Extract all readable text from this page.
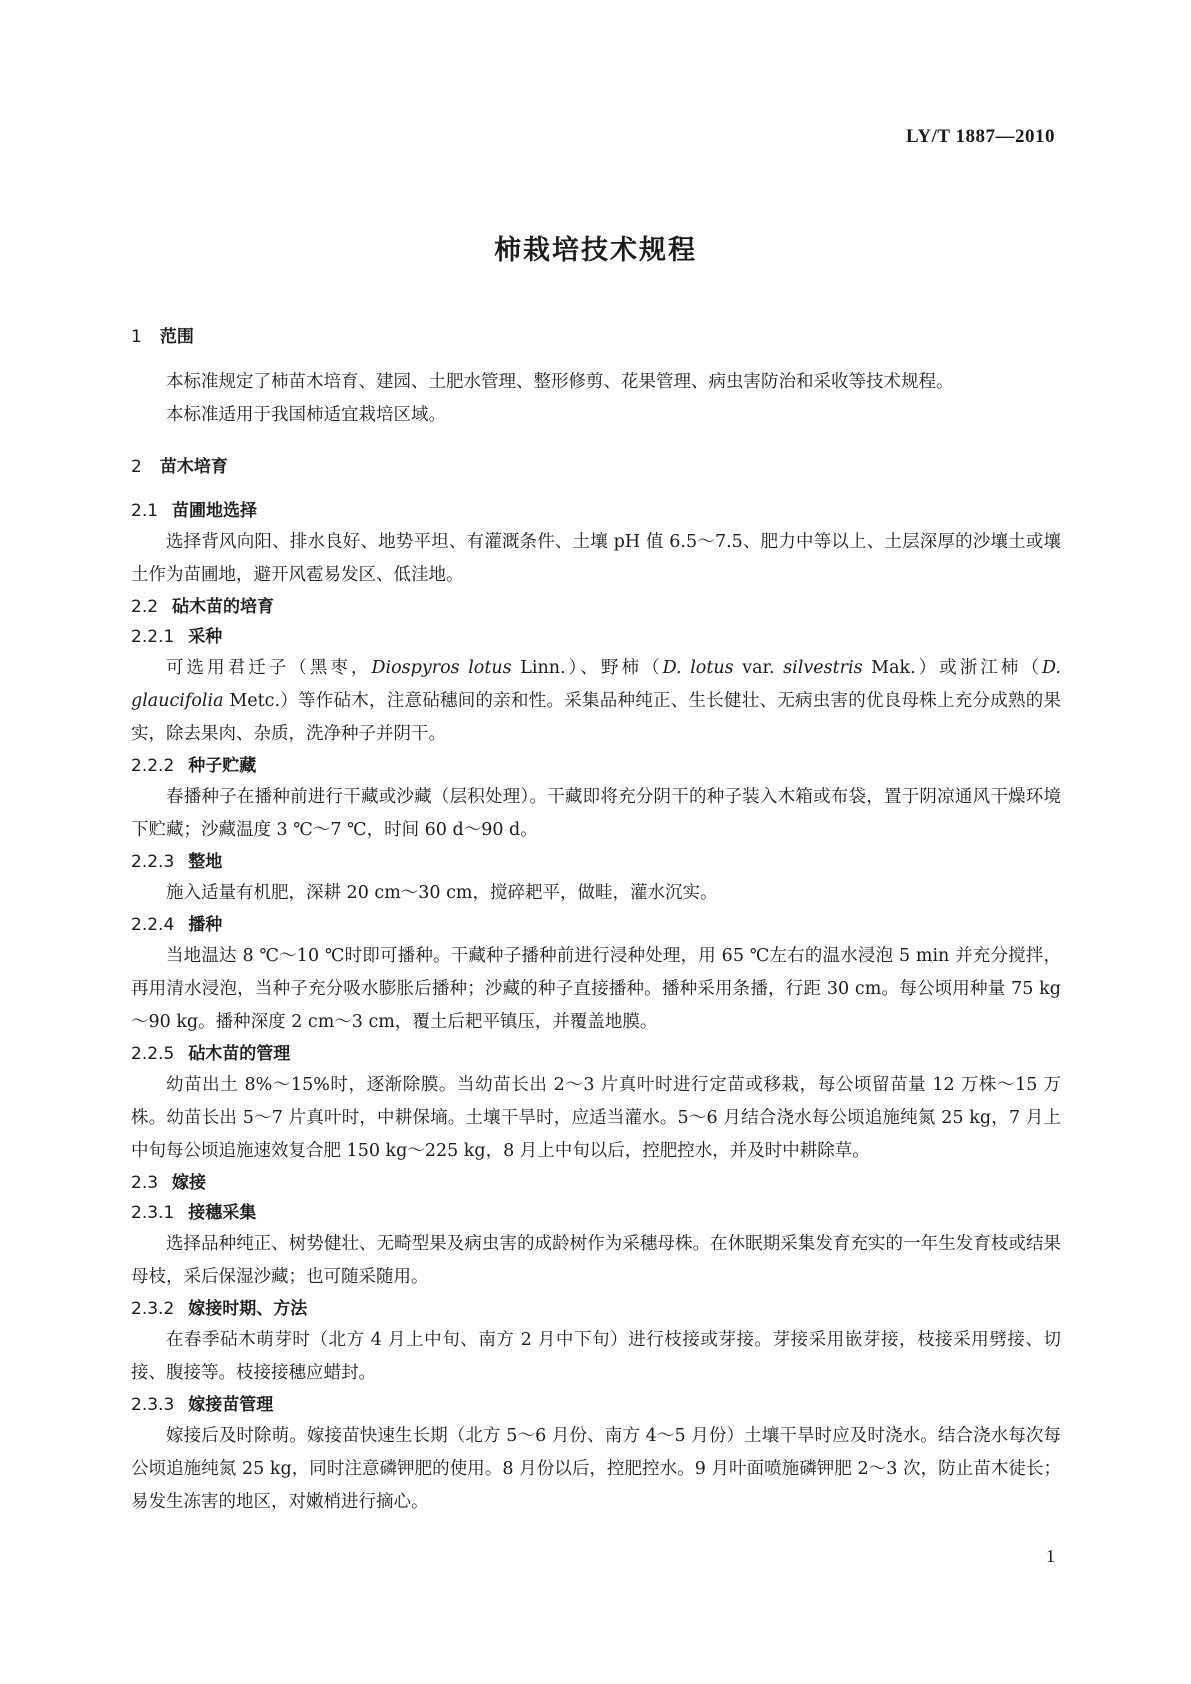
LY/T 1887—2010
柿栽培技术规程
1 范围

本标准规定了柿苗木培育、建园、土肥水管理、整形修剪、花果管理、病虫害防治和采收等技术规程。

本标准适用于我国柿适宜栽培区域。

2 苗木培育
2.1 苗圃地选择

选择背风向阳、排水良好、地势平坦、有灌溉条件、土壤 pH 值 6.5～7.5、肥力中等以上、土层深厚的沙壤土或壤土作为苗圃地，避开风雹易发区、低洼地。

2.2 砧木苗的培育
2.2.1 采种

可选用君迁子（黑枣，Diospyros lotus Linn.）、野柿（D. lotus var. silvestris Mak.）或浙江柿（D. glaucifolia Metc.）等作砧木，注意砧穗间的亲和性。采集品种纯正、生长健壮、无病虫害的优良母株上充分成熟的果实，除去果肉、杂质，洗净种子并阴干。

2.2.2 种子贮藏

春播种子在播种前进行干藏或沙藏（层积处理）。干藏即将充分阴干的种子装入木箱或布袋，置于阴凉通风干燥环境下贮藏；沙藏温度 3 ℃～7 ℃，时间 60 d～90 d。

2.2.3 整地

施入适量有机肥，深耕 20 cm～30 cm，搅碎耙平，做畦，灌水沉实。

2.2.4 播种

当地温达 8 ℃～10 ℃时即可播种。干藏种子播种前进行浸种处理，用 65 ℃左右的温水浸泡 5 min 并充分搅拌，再用清水浸泡，当种子充分吸水膨胀后播种；沙藏的种子直接播种。播种采用条播，行距 30 cm。每公顷用种量 75 kg～90 kg。播种深度 2 cm～3 cm，覆土后耙平镇压，并覆盖地膜。

2.2.5 砧木苗的管理

幼苗出土 8%～15%时，逐渐除膜。当幼苗长出 2～3 片真叶时进行定苗或移栽，每公顷留苗量 12 万株～15 万株。幼苗长出 5～7 片真叶时，中耕保墒。土壤干旱时，应适当灌水。5～6 月结合浇水每公顷追施纯氮 25 kg，7 月上中旬每公顷追施速效复合肥 150 kg～225 kg，8 月上中旬以后，控肥控水，并及时中耕除草。

2.3 嫁接
2.3.1 接穗采集

选择品种纯正、树势健壮、无畸型果及病虫害的成龄树作为采穗母株。在休眠期采集发育充实的一年生发育枝或结果母枝，采后保湿沙藏；也可随采随用。

2.3.2 嫁接时期、方法

在春季砧木萌芽时（北方 4 月上中旬、南方 2 月中下旬）进行枝接或芽接。芽接采用嵌芽接，枝接采用劈接、切接、腹接等。枝接接穗应蜡封。

2.3.3 嫁接苗管理

嫁接后及时除萌。嫁接苗快速生长期（北方 5～6 月份、南方 4～5 月份）土壤干旱时应及时浇水。结合浇水每次每公顷追施纯氮 25 kg，同时注意磷钾肥的使用。8 月份以后，控肥控水。9 月叶面喷施磷钾肥 2～3 次，防止苗木徒长；易发生冻害的地区，对嫩梢进行摘心。

1
